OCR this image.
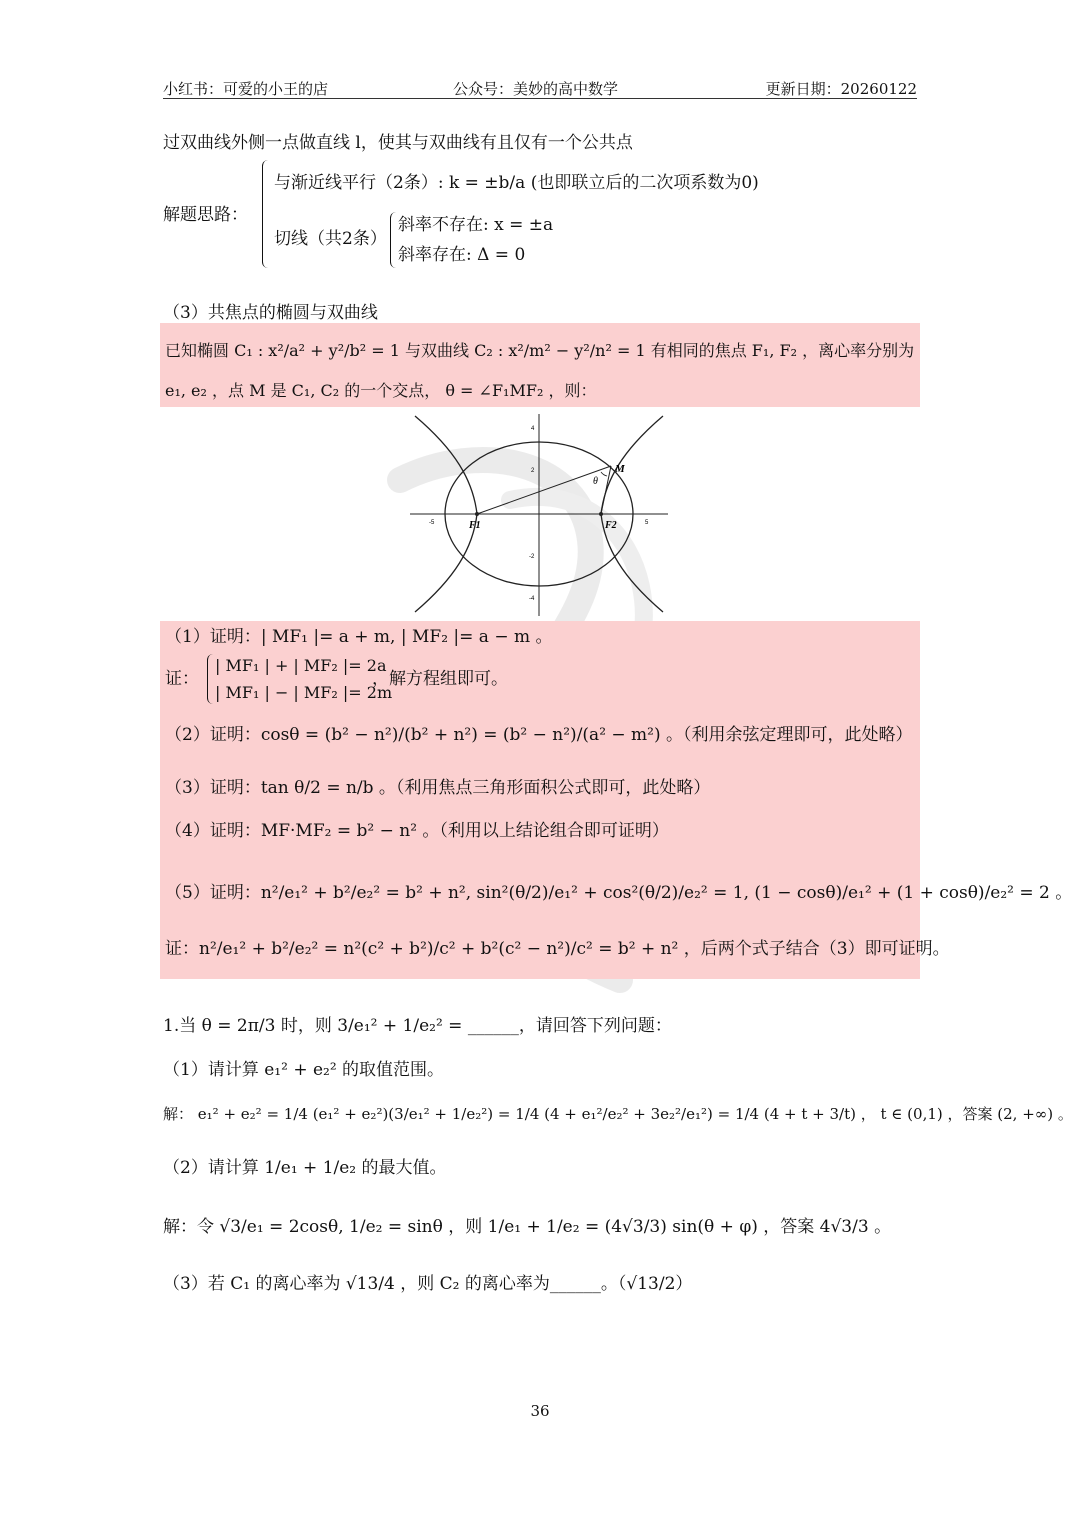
小红书：可爱的小王的店	公众号：美妙的高中数学	更新日期：20260122
过双曲线外侧一点做直线 l，使其与双曲线有且仅有一个公共点
解题思路：
与渐近线平行（2条）: k = ±b/a (也即联立后的二次项系数为0)
切线（共2条）
斜率不存在: x = ±a
斜率存在: Δ = 0
（3）共焦点的椭圆与双曲线
已知椭圆 C₁ : x²/a² + y²/b² = 1 与双曲线 C₂ : x²/m² − y²/n² = 1 有相同的焦点 F₁, F₂ ，离心率分别为
e₁, e₂ ，点 M 是 C₁, C₂ 的一个交点， θ = ∠F₁MF₂ ，则：
M
θ
F1	F2
-5	5
4
2
-2
-4
（1）证明：| MF₁ |= a + m, | MF₂ |= a − m 。
证：
| MF₁ | + | MF₂ |= 2a
| MF₁ | − | MF₂ |= 2m
，解方程组即可。
（2）证明：cosθ = (b² − n²)/(b² + n²) = (b² − n²)/(a² − m²) 。（利用余弦定理即可，此处略）
（3）证明：tan θ/2 = n/b 。（利用焦点三角形面积公式即可，此处略）
（4）证明：MF·MF₂ = b² − n² 。（利用以上结论组合即可证明）
（5）证明：n²/e₁² + b²/e₂² = b² + n², sin²(θ/2)/e₁² + cos²(θ/2)/e₂² = 1, (1 − cosθ)/e₁² + (1 + cosθ)/e₂² = 2 。
证：n²/e₁² + b²/e₂² = n²(c² + b²)/c² + b²(c² − n²)/c² = b² + n² ，后两个式子结合（3）即可证明。
1.当 θ = 2π/3 时，则 3/e₁² + 1/e₂² = ______，请回答下列问题：
（1）请计算 e₁² + e₂² 的取值范围。
解： e₁² + e₂² = 1/4 (e₁² + e₂²)(3/e₁² + 1/e₂²) = 1/4 (4 + e₁²/e₂² + 3e₂²/e₁²) = 1/4 (4 + t + 3/t) ， t ∈ (0,1) ，答案 (2, +∞) 。
（2）请计算 1/e₁ + 1/e₂ 的最大值。
解：令 √3/e₁ = 2cosθ, 1/e₂ = sinθ ，则 1/e₁ + 1/e₂ = (4√3/3) sin(θ + φ) ，答案 4√3/3 。
（3）若 C₁ 的离心率为 √13/4 ，则 C₂ 的离心率为______。（√13/2）
36
